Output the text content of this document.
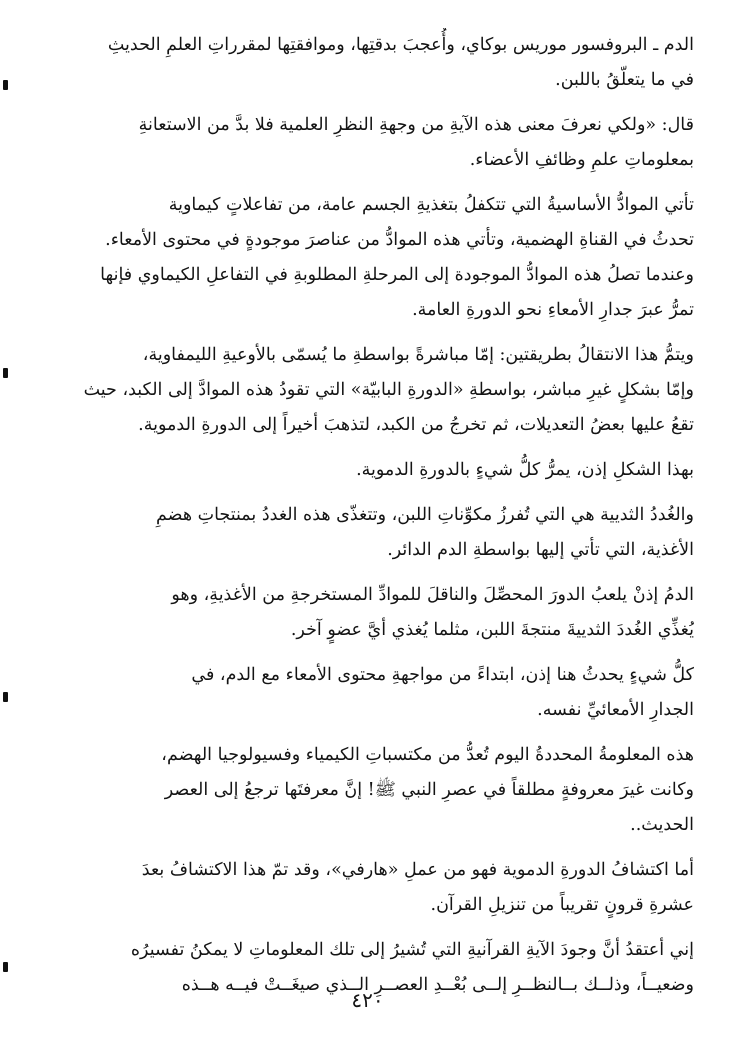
الدم ـ البروفسور موريس بوكاي، وأُعجبَ بدقتِها، وموافقتِها لمقرراتِ العلمِ الحديثِ
في ما يتعلّقُ باللبن.
قال: «ولكي نعرفَ معنى هذه الآيةِ من وجهةِ النظرِ العلمية فلا بدَّ من الاستعانةِ
بمعلوماتِ علمِ وظائفِ الأعضاء.
تأتي الموادُّ الأساسيةُ التي تتكفلُ بتغذيةِ الجسم عامة، من تفاعلاتٍ كيماوية
تحدثُ في القناةِ الهضمية، وتأتي هذه الموادُّ من عناصرَ موجودةٍ في محتوى الأمعاء.
وعندما تصلُ هذه الموادُّ الموجودة إلى المرحلةِ المطلوبةِ في التفاعلِ الكيماوي فإنها
تمرُّ عبرَ جدارِ الأمعاءِ نحو الدورةِ العامة.
ويتمُّ هذا الانتقالُ بطريقتين: إمّا مباشرةً بواسطةِ ما يُسمّى بالأوعيةِ الليمفاوية،
وإمّا بشكلٍ غيرِ مباشر، بواسطةِ «الدورةِ البابيّة» التي تقودُ هذه الموادَّ إلى الكبد، حيث
تقعُ عليها بعضُ التعديلات، ثم تخرجُ من الكبد، لتذهبَ أخيراً إلى الدورةِ الدموية.
بهذا الشكلِ إذن، يمرُّ كلُّ شيءٍ بالدورةِ الدموية.
والغُددُ الثديية هي التي تُفرزُ مكوِّناتِ اللبن، وتتغذّى هذه الغددُ بمنتجاتِ هضمِ
الأغذية، التي تأتي إليها بواسطةِ الدم الدائر.
الدمُ إذنْ يلعبُ الدورَ المحصِّلَ والناقلَ للموادِّ المستخرجةِ من الأغذيةِ، وهو
يُغذِّي الغُددَ الثدييةَ منتجةَ اللبن، مثلما يُغذي أيَّ عضوٍ آخر.
كلُّ شيءٍ يحدثُ هنا إذن، ابتداءً من مواجهةِ محتوى الأمعاء مع الدم، في
الجدارِ الأمعائيِّ نفسه.
هذه المعلومةُ المحددةُ اليوم تُعدُّ من مكتسباتِ الكيمياء وفسيولوجيا الهضم،
وكانت غيرَ معروفةٍ مطلقاً في عصرِ النبي ﷺ! إنَّ معرفتَها ترجعُ إلى العصر
الحديث..
أما اكتشافُ الدورةِ الدموية فهو من عملِ «هارفي»، وقد تمّ هذا الاكتشافُ بعدَ
عشرةِ قرونٍ تقريباً من تنزيلِ القرآن.
إني أعتقدُ أنَّ وجودَ الآيةِ القرآنيةِ التي تُشيرُ إلى تلك المعلوماتِ لا يمكنُ تفسيرُه
وضعيــاً، وذلــك بــالنظــرِ إلــى بُعْــدِ العصــرِ الــذي صيغَــتْ فيــه هــذه
٤٢٠
